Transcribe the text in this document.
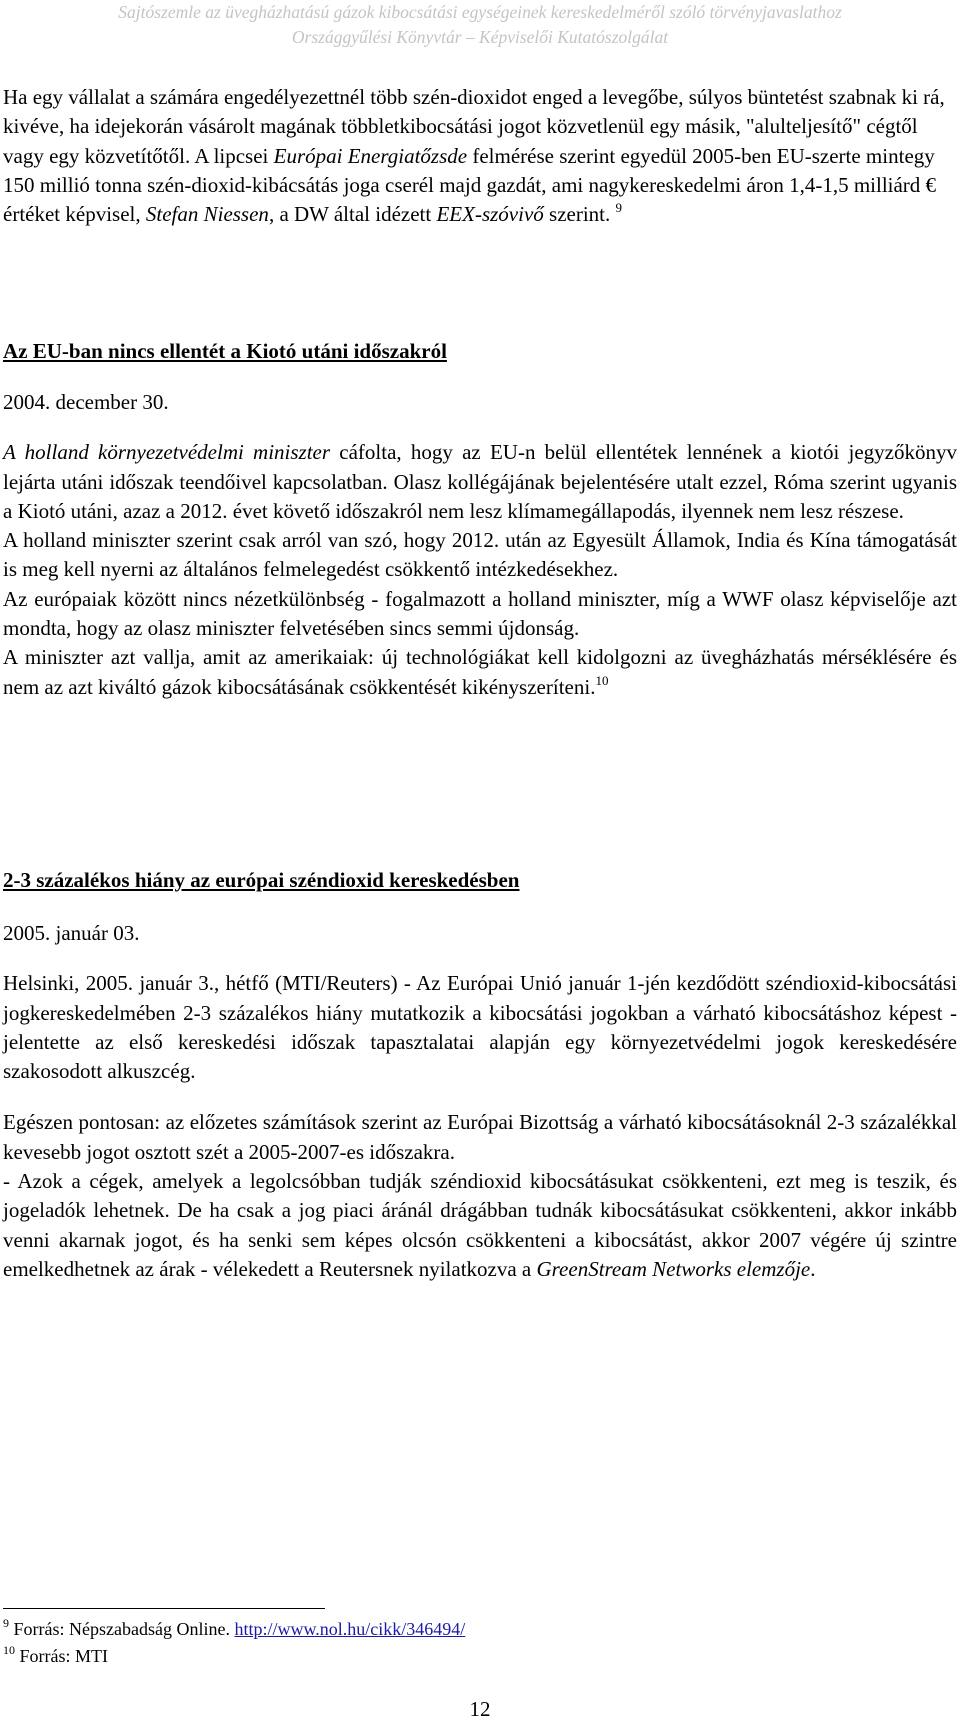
Sajtószemle az üvegházhatású gázok kibocsátási egységeinek kereskedelméről szóló törvényjavaslathoz
Országgyűlési Könyvtár – Képviselői Kutatószolgálat

Ha egy vállalat a számára engedélyezettnél több szén-dioxidot enged a levegőbe, súlyos büntetést szabnak ki rá, kivéve, ha idejekorán vásárolt magának többletkibocsátási jogot közvetlenül egy másik, "alulteljesítő" cégtől vagy egy közvetítőtől. A lipcsei Európai Energiatőzsde felmérése szerint egyedül 2005-ben EU-szerte mintegy 150 millió tonna szén-dioxid-kibácsátás joga cserél majd gazdát, ami nagykereskedelmi áron 1,4-1,5 milliárd € értéket képvisel, Stefan Niessen, a DW által idézett EEX-szóvivő szerint. $^9$

Az EU-ban nincs ellentét a Kiotó utáni időszakról

2004. december 30.

A holland környezetvédelmi miniszter cáfolta, hogy az EU-n belül ellentétek lennének a kiotói jegyzőkönyv lejárta utáni időszak teendőivel kapcsolatban. Olasz kollégájának bejelentésére utalt ezzel, Róma szerint ugyanis a Kiotó utáni, azaz a 2012. évet követő időszakról nem lesz klímamegállapodás, ilyennek nem lesz részese.

A holland miniszter szerint csak arról van szó, hogy 2012. után az Egyesült Államok, India és Kína támogatását is meg kell nyerni az általános felmelegedést csökkentő intézkedésekhez.

Az európaiak között nincs nézetkülönbség - fogalmazott a holland miniszter, míg a WWF olasz képviselője azt mondta, hogy az olasz miniszter felvetésében sincs semmi újdonság.

A miniszter azt vallja, amit az amerikaiak: új technológiákat kell kidolgozni az üvegházhatás mérséklésére és nem az azt kiváltó gázok kibocsátásának csökkentését kikényszeríteni.$^{10}$

2-3 százalékos hiány az európai széndioxid kereskedésben

2005. január 03.

Helsinki, 2005. január 3., hétfő (MTI/Reuters) - Az Európai Unió január 1-jén kezdődött széndioxid-kibocsátási jogkereskedelmében 2-3 százalékos hiány mutatkozik a kibocsátási jogokban a várható kibocsátáshoz képest - jelentette az első kereskedési időszak tapasztalatai alapján egy környezetvédelmi jogok kereskedésére szakosodott alkuszcég.

Egészen pontosan: az előzetes számítások szerint az Európai Bizottság a várható kibocsátásoknál 2-3 százalékkal kevesebb jogot osztott szét a 2005-2007-es időszakra.

- Azok a cégek, amelyek a legolcsóbban tudják széndioxid kibocsátásukat csökkenteni, ezt meg is teszik, és jogeladók lehetnek. De ha csak a jog piaci áránál drágábban tudnák kibocsátásukat csökkenteni, akkor inkább venni akarnak jogot, és ha senki sem képes olcsón csökkenteni a kibocsátást, akkor 2007 végére új szintre emelkedhetnek az árak - vélekedett a Reutersnek nyilatkozva a GreenStream Networks elemzője.

$^9$ Forrás: Népszabadság Online. http://www.nol.hu/cikk/346494/
$^{10}$ Forrás: MTI
12
